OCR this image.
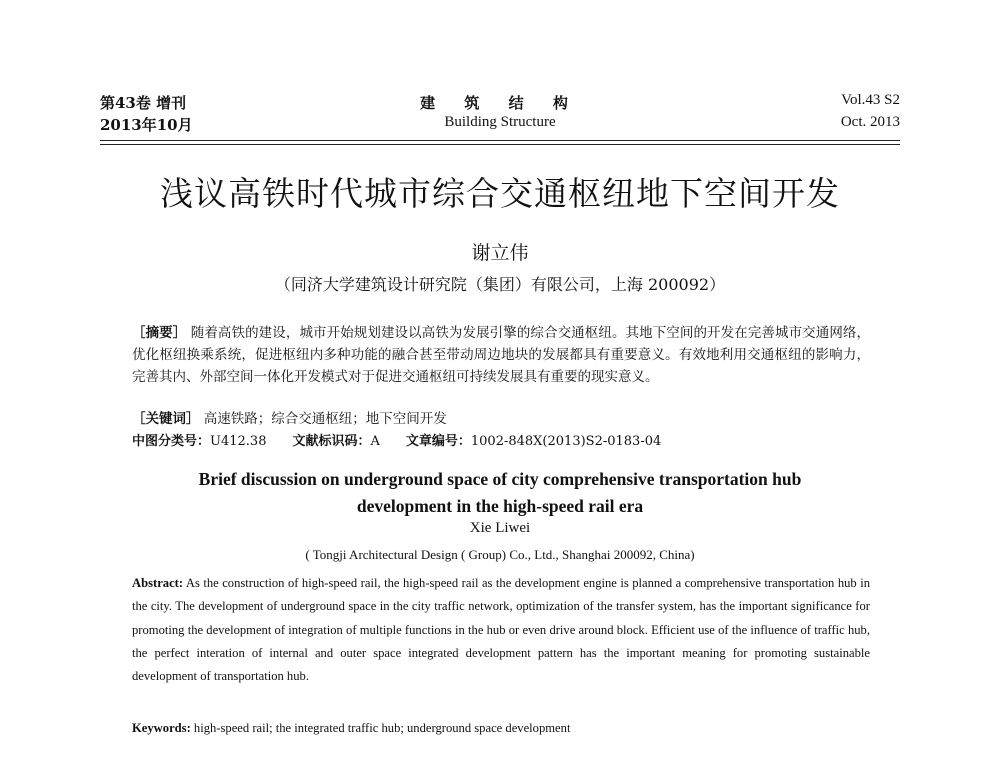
第43卷 增刊
2013年10月
建 筑 结 构
Building Structure
Vol.43 S2
Oct. 2013
浅议高铁时代城市综合交通枢纽地下空间开发
谢立伟
（同济大学建筑设计研究院（集团）有限公司，上海 200092）
［摘要］ 随着高铁的建设，城市开始规划建设以高铁为发展引擎的综合交通枢纽。其地下空间的开发在完善城市交通网络，优化枢纽换乘系统，促进枢纽内多种功能的融合甚至带动周边地块的发展都具有重要意义。有效地利用交通枢纽的影响力，完善其内、外部空间一体化开发模式对于促进交通枢纽可持续发展具有重要的现实意义。
［关键词］ 高速铁路；综合交通枢纽；地下空间开发
中图分类号：U412.38 文献标识码：A 文章编号：1002-848X(2013)S2-0183-04
Brief discussion on underground space of city comprehensive transportation hub
development in the high-speed rail era
Xie Liwei
( Tongji Architectural Design ( Group) Co., Ltd., Shanghai 200092, China)
Abstract: As the construction of high-speed rail, the high-speed rail as the development engine is planned a comprehensive transportation hub in the city. The development of underground space in the city traffic network, optimization of the transfer system, has the important significance for promoting the development of integration of multiple functions in the hub or even drive around block. Efficient use of the influence of traffic hub, the perfect interation of internal and outer space integrated development pattern has the important meaning for promoting sustainable development of transportation hub.
Keywords: high-speed rail; the integrated traffic hub; underground space development
